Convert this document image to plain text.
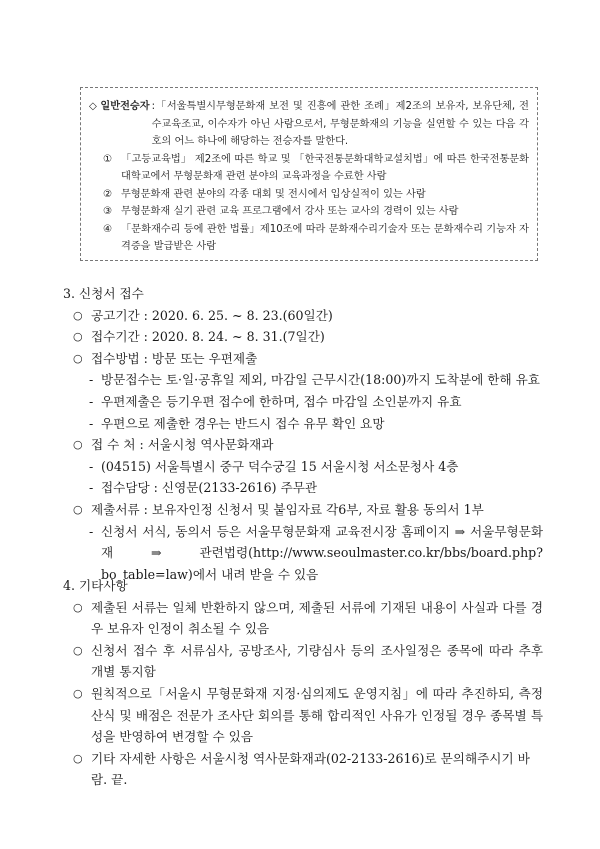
◇ 일반전승자 :「서울특별시무형문화재 보전 및 진흥에 관한 조례」제2조의 보유자, 보유단체, 전수교육조교, 이수자가 아닌 사람으로서, 무형문화재의 기능을 실연할 수 있는 다음 각 호의 어느 하나에 해당하는 전승자를 말한다.
① 「고등교육법」 제2조에 따른 학교 및 「한국전통문화대학교설치법」에 따른 한국전통문화대학교에서 무형문화재 관련 분야의 교육과정을 수료한 사람
② 무형문화재 관련 분야의 각종 대회 및 전시에서 입상실적이 있는 사람
③ 무형문화재 실기 관련 교육 프로그램에서 강사 또는 교사의 경력이 있는 사람
④ 「문화재수리 등에 관한 법률」제10조에 따라 문화재수리기술자 또는 문화재수리 기능자 자격증을 발급받은 사람
3. 신청서 접수
○ 공고기간 : 2020. 6. 25. ~ 8. 23.(60일간)
○ 접수기간 : 2020. 8. 24. ~ 8. 31.(7일간)
○ 접수방법 : 방문 또는 우편제출
- 방문접수는 토·일·공휴일 제외, 마감일 근무시간(18:00)까지 도착분에 한해 유효
- 우편제출은 등기우편 접수에 한하며, 접수 마감일 소인분까지 유효
- 우편으로 제출한 경우는 반드시 접수 유무 확인 요망
○ 접 수 처 : 서울시청 역사문화재과
- (04515) 서울특별시 중구 덕수궁길 15 서울시청 서소문청사 4층
- 접수담당 : 신영문(2133-2616) 주무관
○ 제출서류 : 보유자인정 신청서 및 붙임자료 각6부, 자료 활용 동의서 1부
- 신청서 서식, 동의서 등은 서울무형문화재 교육전시장 홈페이지 ⇒ 서울무형문화재 ⇒ 관련법령(http://www.seoulmaster.co.kr/bbs/board.php?bo_table=law)에서 내려 받을 수 있음
4. 기타사항
○ 제출된 서류는 일체 반환하지 않으며, 제출된 서류에 기재된 내용이 사실과 다를 경우 보유자 인정이 취소될 수 있음
○ 신청서 접수 후 서류심사, 공방조사, 기량심사 등의 조사일정은 종목에 따라 추후 개별 통지함
○ 원칙적으로「서울시 무형문화재 지정·심의제도 운영지침」에 따라 추진하되, 측정 산식 및 배점은 전문가 조사단 회의를 통해 합리적인 사유가 인정될 경우 종목별 특성을 반영하여 변경할 수 있음
○ 기타 자세한 사항은 서울시청 역사문화재과(02-2133-2616)로 문의해주시기 바람. 끝.
